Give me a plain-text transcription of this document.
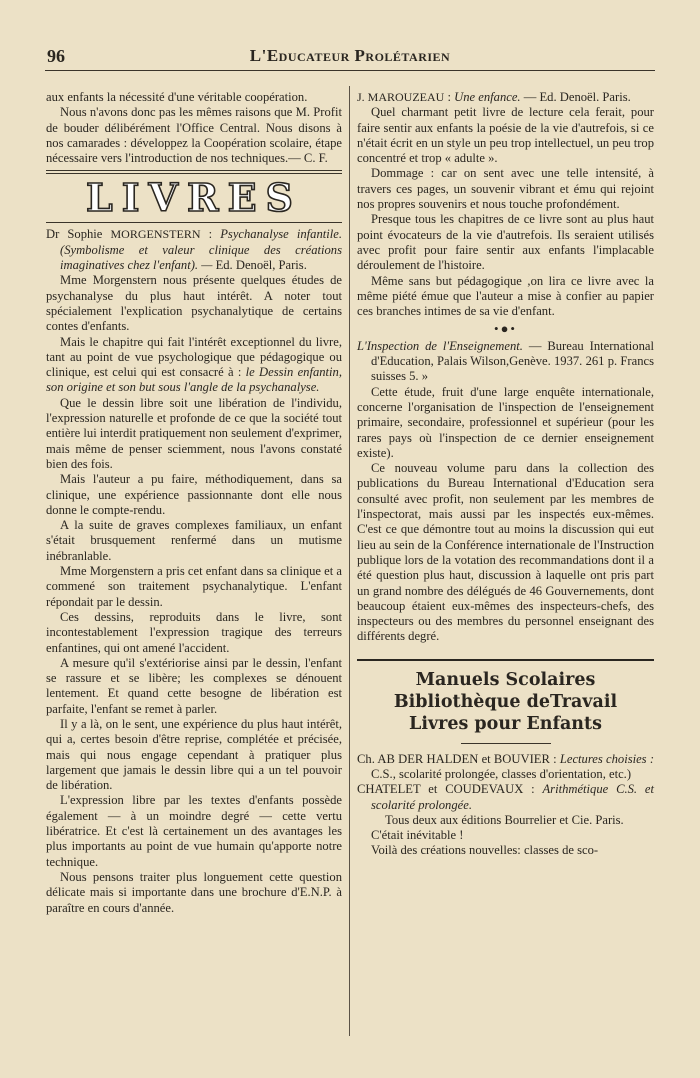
96	L'Educateur Prolétarien

aux enfants la nécessité d'une véritable coopération.

Nous n'avons donc pas les mêmes raisons que M. Profit de bouder délibérément l'Office Central. Nous disons à nos camarades : développez la Coopération scolaire, étape nécessaire vers l'introduction de nos techniques.— C. F.

LIVRES

Dr Sophie MORGENSTERN : Psychanalyse infantile. (Symbolisme et valeur clinique des créations imaginatives chez l'enfant). — Ed. Denoël, Paris.

Mme Morgenstern nous présente quelques études de psychanalyse du plus haut intérêt. A noter tout spécialement l'explication psychanalytique de certains contes d'enfants.

Mais le chapitre qui fait l'intérêt exceptionnel du livre, tant au point de vue psychologique que pédagogique ou clinique, est celui qui est consacré à : le Dessin enfantin, son origine et son but sous l'angle de la psychanalyse.

Que le dessin libre soit une libération de l'individu, l'expression naturelle et profonde de ce que la société tout entière lui interdit pratiquement non seulement d'exprimer, mais même de penser sciemment, nous l'avons constaté bien des fois.

Mais l'auteur a pu faire, méthodiquement, dans sa clinique, une expérience passionnante dont elle nous donne le compte-rendu.

A la suite de graves complexes familiaux, un enfant s'était brusquement renfermé dans un mutisme inébranlable.

Mme Morgenstern a pris cet enfant dans sa clinique et a commené son traitement psychanalytique. L'enfant répondait par le dessin.

Ces dessins, reproduits dans le livre, sont incontestablement l'expression tragique des terreurs enfantines, qui ont amené l'accident.

A mesure qu'il s'extériorise ainsi par le dessin, l'enfant se rassure et se libère; les complexes se dénouent lentement. Et quand cette besogne de libération est parfaite, l'enfant se remet à parler.

Il y a là, on le sent, une expérience du plus haut intérêt, qui a, certes besoin d'être reprise, complétée et précisée, mais qui nous engage cependant à pratiquer plus largement que jamais le dessin libre qui a un tel pouvoir de libération.

L'expression libre par les textes d'enfants possède également — à un moindre degré — cette vertu libératrice. Et c'est là certainement un des avantages les plus importants au point de vue humain qu'apporte notre technique.

Nous pensons traiter plus longuement cette question délicate mais si importante dans une brochure d'E.N.P. à paraître en cours d'année.

J. MAROUZEAU : Une enfance. — Ed. Denoël. Paris.

Quel charmant petit livre de lecture cela ferait, pour faire sentir aux enfants la poésie de la vie d'autrefois, si ce n'était écrit en un style un peu trop intellectuel, un peu trop concentré et trop « adulte ».

Dommage : car on sent avec une telle intensité, à travers ces pages, un souvenir vibrant et ému qui rejoint nos propres souvenirs et nous touche profondément.

Presque tous les chapitres de ce livre sont au plus haut point évocateurs de la vie d'autrefois. Ils seraient utilisés avec profit pour faire sentir aux enfants l'implacable déroulement de l'histoire.

Même sans but pédagogique ,on lira ce livre avec la même piété émue que l'auteur a mise à confier au papier ces branches intimes de sa vie d'enfant.

•●•

L'Inspection de l'Enseignement. — Bureau International d'Education, Palais Wilson,Genève. 1937. 261 p. Francs suisses 5. »

Cette étude, fruit d'une large enquête internationale, concerne l'organisation de l'inspection de l'enseignement primaire, secondaire, professionnel et supérieur (pour les rares pays où l'inspection de ce dernier enseignement existe).

Ce nouveau volume paru dans la collection des publications du Bureau International d'Education sera consulté avec profit, non seulement par les membres de l'inspectorat, mais aussi par les inspectés eux-mêmes. C'est ce que démontre tout au moins la discussion qui eut lieu au sein de la Conférence internationale de l'Instruction publique lors de la votation des recommandations dont il a été question plus haut, discussion à laquelle ont pris part un grand nombre des délégués de 46 Gouvernements, dont beaucoup étaient eux-mêmes des inspecteurs-chefs, des inspecteurs ou des membres du personnel enseignant des différents degré.

Manuels Scolaires
Bibliothèque deTravail
Livres pour Enfants

Ch. AB DER HALDEN et BOUVIER : Lectures choisies : C.S., scolarité prolongée, classes d'orientation, etc.)

CHATELET et COUDEVAUX : Arithmétique C.S. et scolarité prolongée.

Tous deux aux éditions Bourrelier et Cie. Paris.

C'était inévitable !

Voilà des créations nouvelles: classes de sco-
